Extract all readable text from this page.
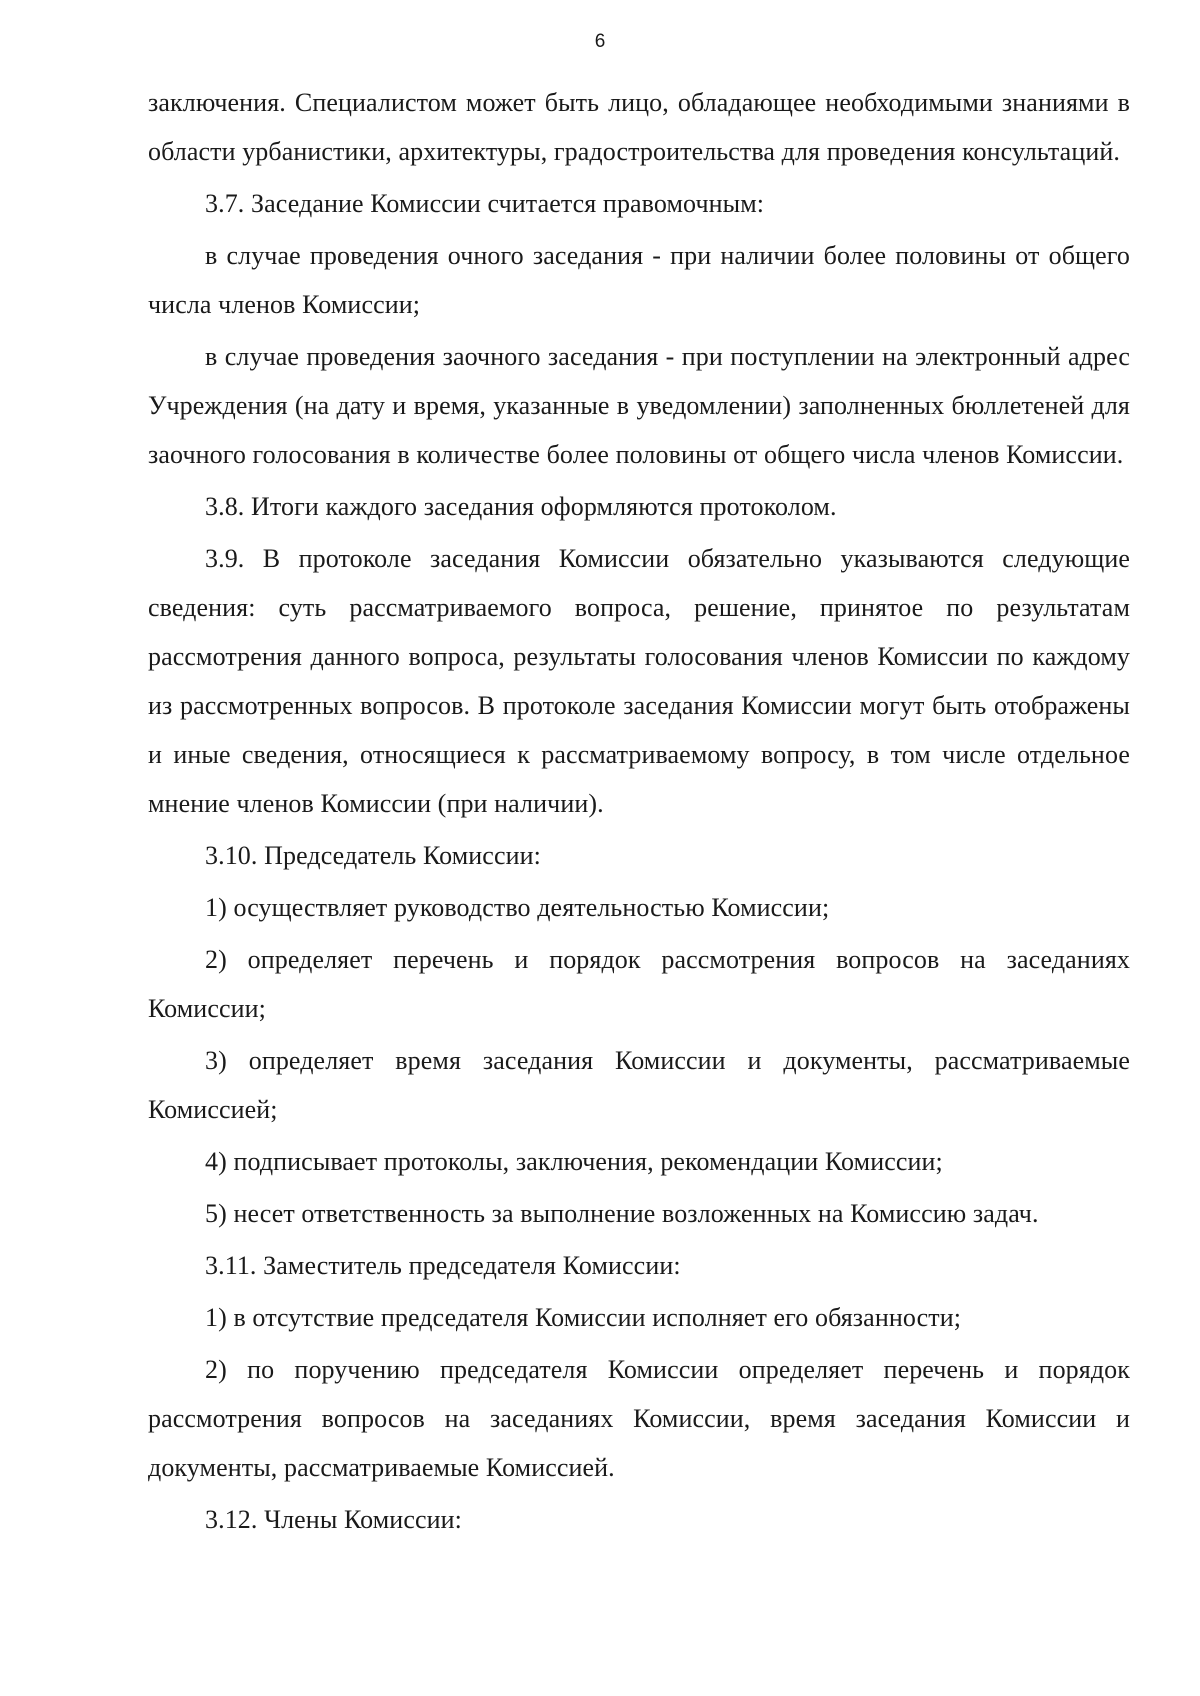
6

заключения. Специалистом может быть лицо, обладающее необходимыми знаниями в области урбанистики, архитектуры, градостроительства для проведения консультаций.

3.7. Заседание Комиссии считается правомочным:

в случае проведения очного заседания - при наличии более половины от общего числа членов Комиссии;

в случае проведения заочного заседания - при поступлении на электронный адрес Учреждения (на дату и время, указанные в уведомлении) заполненных бюллетеней для заочного голосования в количестве более половины от общего числа членов Комиссии.

3.8. Итоги каждого заседания оформляются протоколом.

3.9. В протоколе заседания Комиссии обязательно указываются следующие сведения: суть рассматриваемого вопроса, решение, принятое по результатам рассмотрения данного вопроса, результаты голосования членов Комиссии по каждому из рассмотренных вопросов. В протоколе заседания Комиссии могут быть отображены и иные сведения, относящиеся к рассматриваемому вопросу, в том числе отдельное мнение членов Комиссии (при наличии).

3.10. Председатель Комиссии:

1) осуществляет руководство деятельностью Комиссии;

2) определяет перечень и порядок рассмотрения вопросов на заседаниях Комиссии;

3) определяет время заседания Комиссии и документы, рассматриваемые Комиссией;

4) подписывает протоколы, заключения, рекомендации Комиссии;

5) несет ответственность за выполнение возложенных на Комиссию задач.

3.11. Заместитель председателя Комиссии:

1) в отсутствие председателя Комиссии исполняет его обязанности;

2) по поручению председателя Комиссии определяет перечень и порядок рассмотрения вопросов на заседаниях Комиссии, время заседания Комиссии и документы, рассматриваемые Комиссией.

3.12. Члены Комиссии:
